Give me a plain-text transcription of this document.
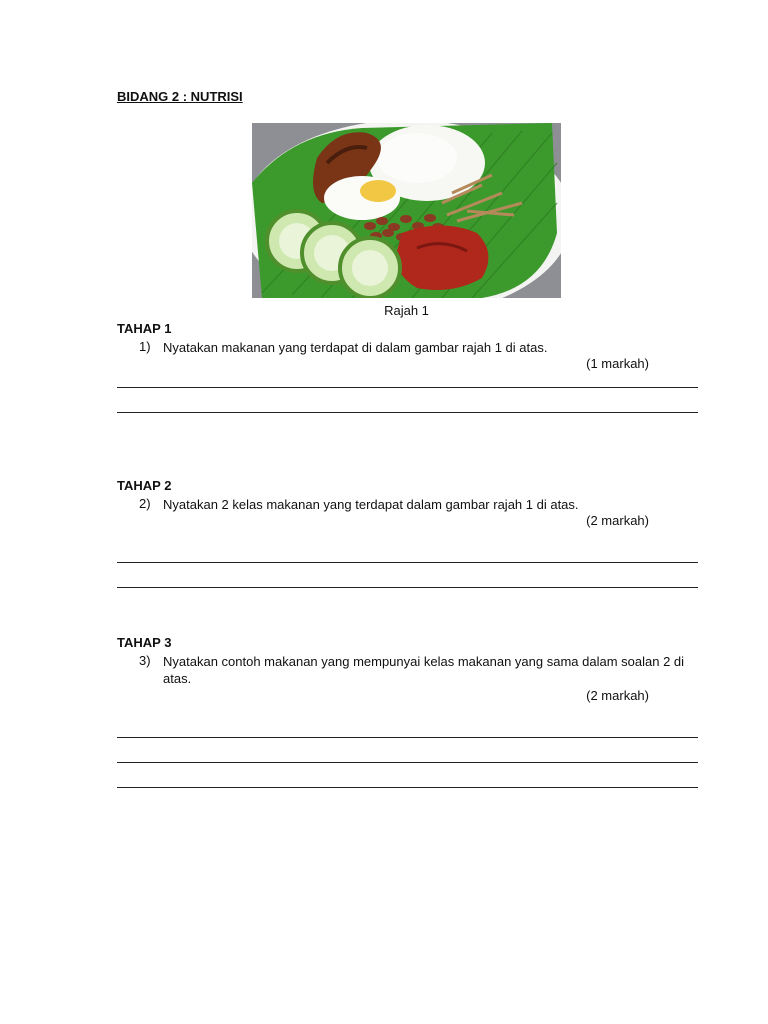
BIDANG 2 : NUTRISI
Rajah 1
TAHAP 1
1) Nyatakan makanan yang terdapat di dalam gambar rajah 1 di atas.
(1 markah)
TAHAP 2
2) Nyatakan 2 kelas makanan yang terdapat dalam gambar rajah 1 di atas.
(2 markah)
TAHAP 3
3) Nyatakan contoh makanan yang mempunyai kelas makanan yang sama dalam soalan 2 di atas.
(2 markah)
